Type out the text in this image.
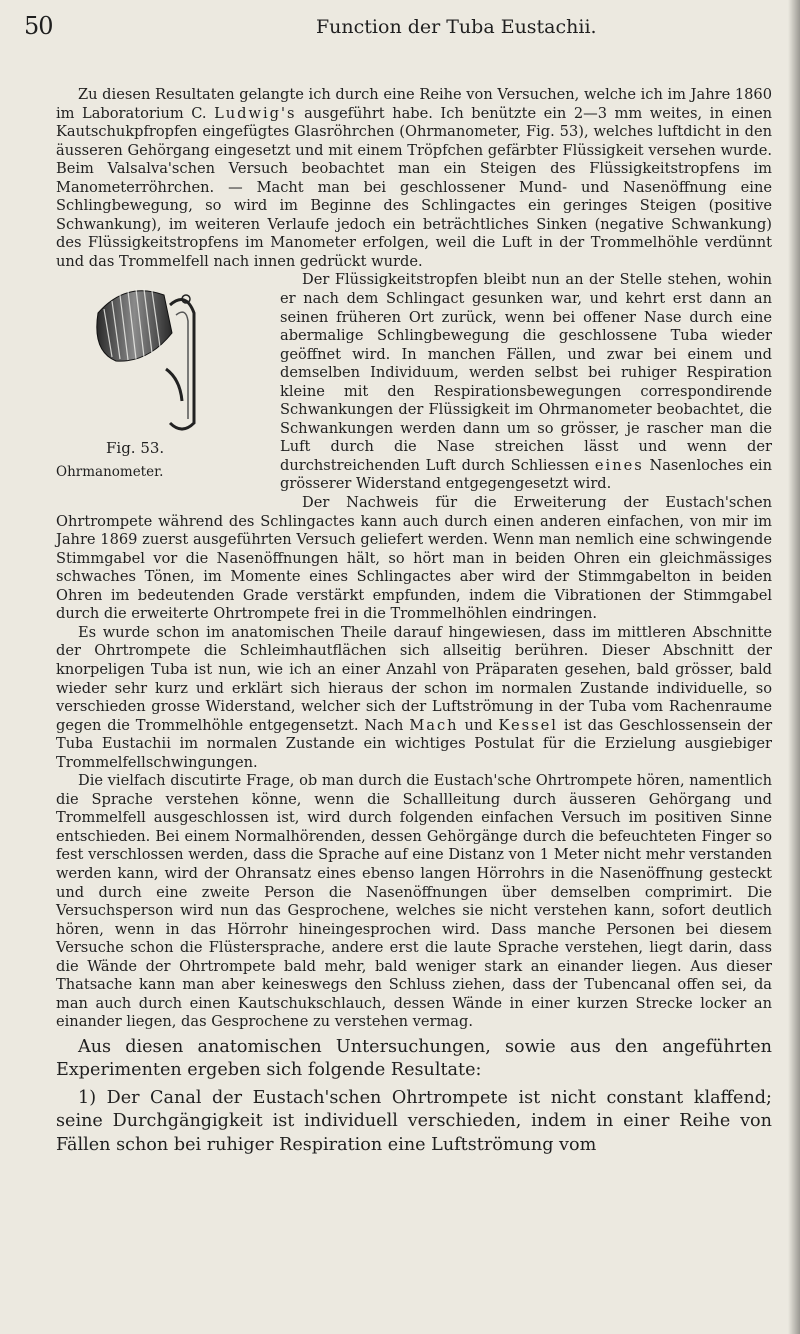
50	Function der Tuba Eustachii.

Zu diesen Resultaten gelangte ich durch eine Reihe von Versuchen, welche ich im Jahre 1860 im Laboratorium C. Ludwig's ausgeführt habe. Ich benützte ein 2—3 mm weites, in einen Kautschukpfropfen eingefügtes Glasröhrchen (Ohrmanometer, Fig. 53), welches luftdicht in den äusseren Gehörgang eingesetzt und mit einem Tröpfchen gefärbter Flüssigkeit versehen wurde. Beim Valsalva'schen Versuch beobachtet man ein Steigen des Flüssigkeitstropfens im Manometerröhrchen. — Macht man bei geschlossener Mund- und Nasenöffnung eine Schlingbewegung, so wird im Beginne des Schlingactes ein geringes Steigen (positive Schwankung), im weiteren Verlaufe jedoch ein beträchtliches Sinken (negative Schwankung) des Flüssigkeitstropfens im Manometer erfolgen, weil die Luft in der Trommelhöhle verdünnt und das Trommelfell nach innen gedrückt wurde.

Fig. 53.
Ohrmanometer.

Der Flüssigkeitstropfen bleibt nun an der Stelle stehen, wohin er nach dem Schlingact gesunken war, und kehrt erst dann an seinen früheren Ort zurück, wenn bei offener Nase durch eine abermalige Schlingbewegung die geschlossene Tuba wieder geöffnet wird. In manchen Fällen, und zwar bei einem und demselben Individuum, werden selbst bei ruhiger Respiration kleine mit den Respirationsbewegungen correspondirende Schwankungen der Flüssigkeit im Ohrmanometer beobachtet, die Schwankungen werden dann um so grösser, je rascher man die Luft durch die Nase streichen lässt und wenn der durchstreichenden Luft durch Schliessen eines Nasenloches ein grösserer Widerstand entgegengesetzt wird.

Der Nachweis für die Erweiterung der Eustach'schen Ohrtrompete während des Schlingactes kann auch durch einen anderen einfachen, von mir im Jahre 1869 zuerst ausgeführten Versuch geliefert werden. Wenn man nemlich eine schwingende Stimmgabel vor die Nasenöffnungen hält, so hört man in beiden Ohren ein gleichmässiges schwaches Tönen, im Momente eines Schlingactes aber wird der Stimmgabelton in beiden Ohren im bedeutenden Grade verstärkt empfunden, indem die Vibrationen der Stimmgabel durch die erweiterte Ohrtrompete frei in die Trommelhöhlen eindringen.

Es wurde schon im anatomischen Theile darauf hingewiesen, dass im mittleren Abschnitte der Ohrtrompete die Schleimhautflächen sich allseitig berühren. Dieser Abschnitt der knorpeligen Tuba ist nun, wie ich an einer Anzahl von Präparaten gesehen, bald grösser, bald wieder sehr kurz und erklärt sich hieraus der schon im normalen Zustande individuelle, so verschieden grosse Widerstand, welcher sich der Luftströmung in der Tuba vom Rachenraume gegen die Trommelhöhle entgegensetzt. Nach Mach und Kessel ist das Geschlossensein der Tuba Eustachii im normalen Zustande ein wichtiges Postulat für die Erzielung ausgiebiger Trommelfellschwingungen.

Die vielfach discutirte Frage, ob man durch die Eustach'sche Ohrtrompete hören, namentlich die Sprache verstehen könne, wenn die Schallleitung durch äusseren Gehörgang und Trommelfell ausgeschlossen ist, wird durch folgenden einfachen Versuch im positiven Sinne entschieden. Bei einem Normalhörenden, dessen Gehörgänge durch die befeuchteten Finger so fest verschlossen werden, dass die Sprache auf eine Distanz von 1 Meter nicht mehr verstanden werden kann, wird der Ohransatz eines ebenso langen Hörrohrs in die Nasenöffnung gesteckt und durch eine zweite Person die Nasenöffnungen über demselben comprimirt. Die Versuchsperson wird nun das Gesprochene, welches sie nicht verstehen kann, sofort deutlich hören, wenn in das Hörrohr hineingesprochen wird. Dass manche Personen bei diesem Versuche schon die Flüstersprache, andere erst die laute Sprache verstehen, liegt darin, dass die Wände der Ohrtrompete bald mehr, bald weniger stark an einander liegen. Aus dieser Thatsache kann man aber keineswegs den Schluss ziehen, dass der Tubencanal offen sei, da man auch durch einen Kautschukschlauch, dessen Wände in einer kurzen Strecke locker an einander liegen, das Gesprochene zu verstehen vermag.

Aus diesen anatomischen Untersuchungen, sowie aus den angeführten Experimenten ergeben sich folgende Resultate:

1) Der Canal der Eustach'schen Ohrtrompete ist nicht constant klaffend; seine Durchgängigkeit ist individuell verschieden, indem in einer Reihe von Fällen schon bei ruhiger Respiration eine Luftströmung vom
